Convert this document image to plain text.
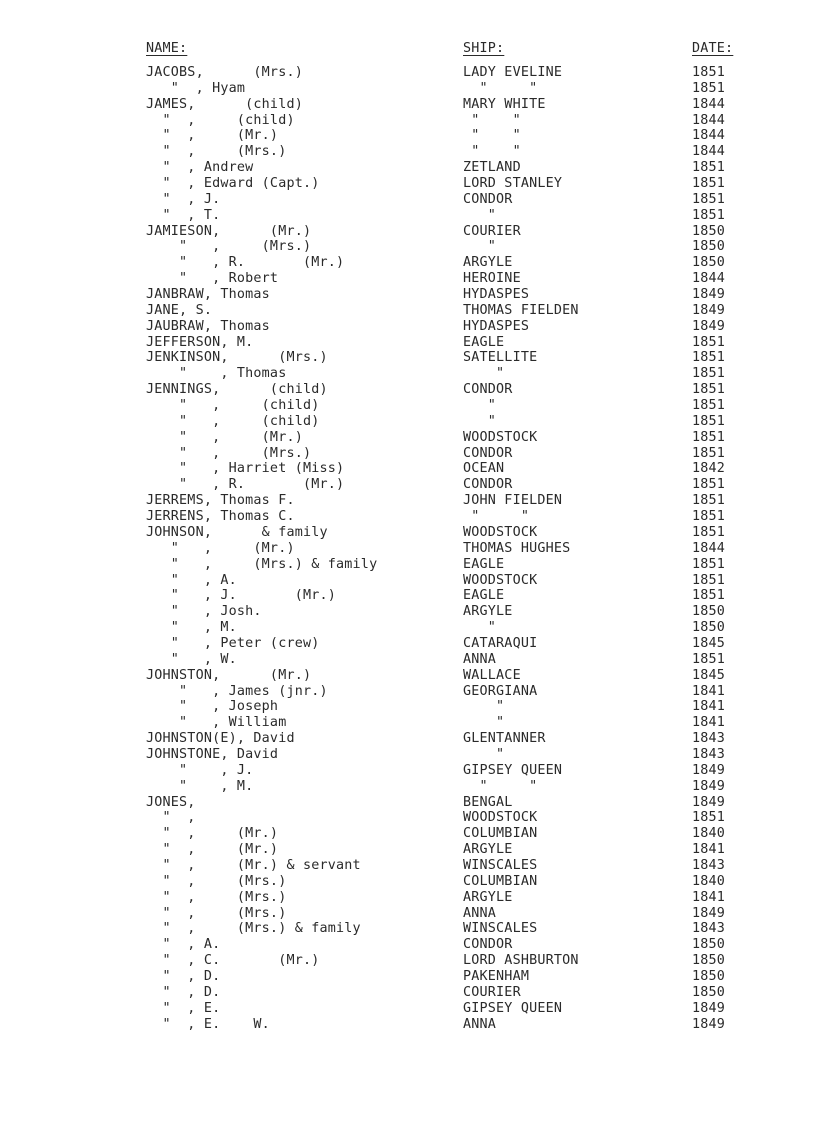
NAME:	SHIP:	DATE:
JACOBS,      (Mrs.)	LADY EVELINE	1851
"  , Hyam	"     "	1851
JAMES,      (child)	MARY WHITE	1844
"  ,     (child)	"    "	1844
"  ,     (Mr.)	"    "	1844
"  ,     (Mrs.)	"    "	1844
"  , Andrew	ZETLAND	1851
"  , Edward (Capt.)	LORD STANLEY	1851
"  , J.	CONDOR	1851
"  , T.	"	1851
JAMIESON,      (Mr.)	COURIER	1850
"   ,     (Mrs.)	"	1850
"   , R.       (Mr.)	ARGYLE	1850
"   , Robert	HEROINE	1844
JANBRAW, Thomas	HYDASPES	1849
JANE, S.	THOMAS FIELDEN	1849
JAUBRAW, Thomas	HYDASPES	1849
JEFFERSON, M.	EAGLE	1851
JENKINSON,      (Mrs.)	SATELLITE	1851
"    , Thomas	"	1851
JENNINGS,      (child)	CONDOR	1851
"   ,     (child)	"	1851
"   ,     (child)	"	1851
"   ,     (Mr.)	WOODSTOCK	1851
"   ,     (Mrs.)	CONDOR	1851
"   , Harriet (Miss)	OCEAN	1842
"   , R.       (Mr.)	CONDOR	1851
JERREMS, Thomas F.	JOHN FIELDEN	1851
JERRENS, Thomas C.	"     "	1851
JOHNSON,      & family	WOODSTOCK	1851
"   ,     (Mr.)	THOMAS HUGHES	1844
"   ,     (Mrs.) & family	EAGLE	1851
"   , A.	WOODSTOCK	1851
"   , J.       (Mr.)	EAGLE	1851
"   , Josh.	ARGYLE	1850
"   , M.	"	1850
"   , Peter (crew)	CATARAQUI	1845
"   , W.	ANNA	1851
JOHNSTON,      (Mr.)	WALLACE	1845
"   , James (jnr.)	GEORGIANA	1841
"   , Joseph	"	1841
"   , William	"	1841
JOHNSTON(E), David	GLENTANNER	1843
JOHNSTONE, David	"	1843
"    , J.	GIPSEY QUEEN	1849
"    , M.	"     "	1849
JONES,	BENGAL	1849
"  ,	WOODSTOCK	1851
"  ,     (Mr.)	COLUMBIAN	1840
"  ,     (Mr.)	ARGYLE	1841
"  ,     (Mr.) & servant	WINSCALES	1843
"  ,     (Mrs.)	COLUMBIAN	1840
"  ,     (Mrs.)	ARGYLE	1841
"  ,     (Mrs.)	ANNA	1849
"  ,     (Mrs.) & family	WINSCALES	1843
"  , A.	CONDOR	1850
"  , C.       (Mr.)	LORD ASHBURTON	1850
"  , D.	PAKENHAM	1850
"  , D.	COURIER	1850
"  , E.	GIPSEY QUEEN	1849
"  , E.    W.	ANNA	1849
